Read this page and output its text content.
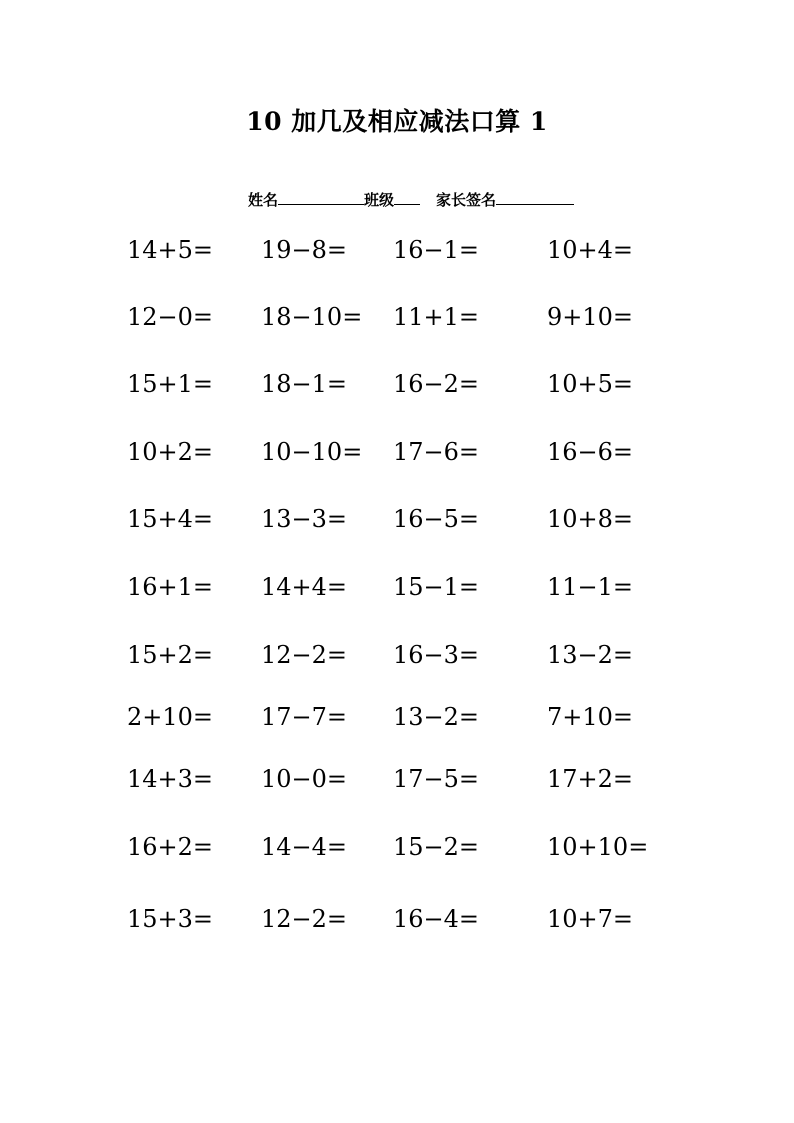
10 加几及相应减法口算 1
姓名	班级	家长签名
14+5= 19−8= 16−1=	10+4=
12−0= 18−10= 11+1=	9+10=
15+1= 18−1= 16−2=	10+5=
10+2= 10−10= 17−6=	16−6=
15+4= 13−3= 16−5=	10+8=
16+1= 14+4= 15−1=	11−1=
15+2= 12−2= 16−3=	13−2=
2+10= 17−7= 13−2=	7+10=
14+3= 10−0= 17−5=	17+2=
16+2= 14−4= 15−2=	10+10=
15+3= 12−2= 16−4=	10+7=
